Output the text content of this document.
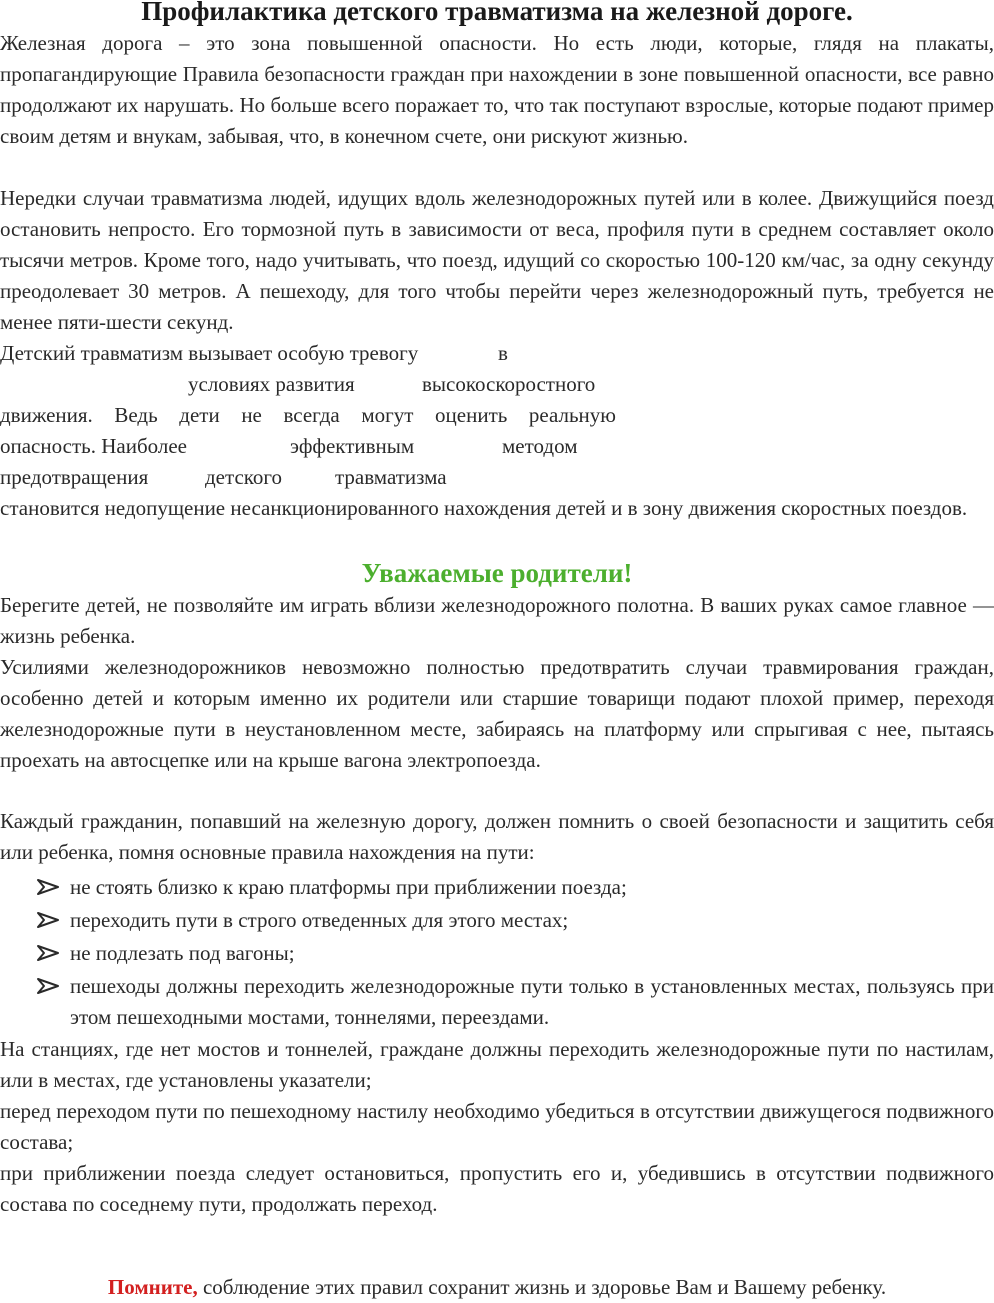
Профилактика детского травматизма на железной дороге.

Железная дорога – это зона повышенной опасности. Но есть люди, которые, глядя на плакаты, пропагандирующие Правила безопасности граждан при нахождении в зоне повышенной опасности, все равно продолжают их нарушать. Но больше всего поражает то, что так поступают взрослые, которые подают пример своим детям и внукам, забывая, что, в конечном счете, они рискуют жизнью.

Нередки случаи травматизма людей, идущих вдоль железнодорожных путей или в колее. Движущийся поезд остановить непросто. Его тормозной путь в зависимости от веса, профиля пути в среднем составляет около тысячи метров. Кроме того, надо учитывать, что поезд, идущий со скоростью 100-120 км/час, за одну секунду преодолевает 30 метров. А пешеходу, для того чтобы перейти через железнодорожный путь, требуется не менее пяти-шести секунд.

Детский травматизм вызывает особую тревогу	в
условиях развития	высокоскоростного
движения. Ведь дети не всегда могут оценить реальную
опасность. Наиболее	эффективным	методом
предотвращения	детского	травматизма

становится недопущение несанкционированного нахождения детей и в зону движения скоростных поездов.

Уважаемые родители!

Берегите детей, не позволяйте им играть вблизи железнодорожного полотна. В ваших руках самое главное — жизнь ребенка.

Усилиями железнодорожников невозможно полностью предотвратить случаи травмирования граждан, особенно детей и которым именно их родители или старшие товарищи подают плохой пример, переходя железнодорожные пути в неустановленном месте, забираясь на платформу или спрыгивая с нее, пытаясь проехать на автосцепке или на крыше вагона электропоезда.

Каждый гражданин, попавший на железную дорогу, должен помнить о своей безопасности и защитить себя или ребенка, помня основные правила нахождения на пути:

не стоять близко к краю платформы при приближении поезда;
переходить пути в строго отведенных для этого местах;
не подлезать под вагоны;
пешеходы должны переходить железнодорожные пути только в установленных местах, пользуясь при этом пешеходными мостами, тоннелями, переездами.

На станциях, где нет мостов и тоннелей, граждане должны переходить железнодорожные пути по настилам, или в местах, где установлены указатели;

перед переходом пути по пешеходному настилу необходимо убедиться в отсутствии движущегося подвижного состава;

при приближении поезда следует остановиться, пропустить его и, убедившись в отсутствии подвижного состава по соседнему пути, продолжать переход.

Помните, соблюдение этих правил сохранит жизнь и здоровье Вам и Вашему ребенку.
